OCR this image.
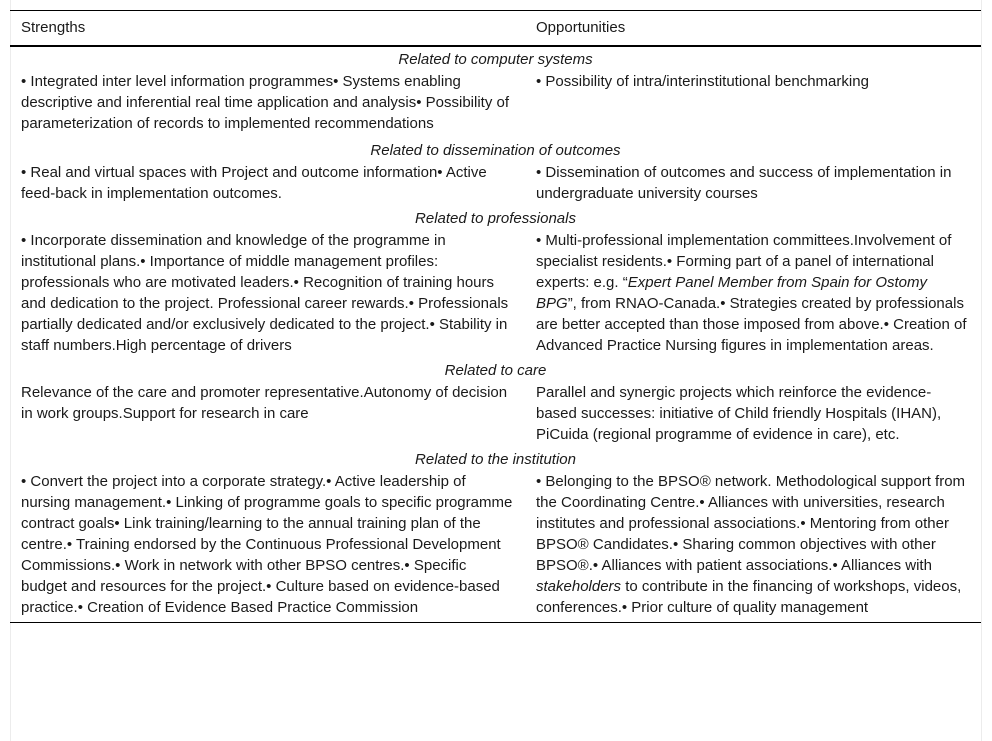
Strengths	Opportunities
Related to computer systems	
• Integrated inter level information programmes• Systems enabling descriptive and inferential real time application and analysis• Possibility of parameterization of records to implemented recommendations	• Possibility of intra/interinstitutional benchmarking
Related to dissemination of outcomes	
• Real and virtual spaces with Project and outcome information• Active feed-back in implementation outcomes.	• Dissemination of outcomes and success of implementation in undergraduate university courses
Related to professionals	
• Incorporate dissemination and knowledge of the programme in institutional plans.• Importance of middle management profiles: professionals who are motivated leaders.• Recognition of training hours and dedication to the project. Professional career rewards.• Professionals partially dedicated and/or exclusively dedicated to the project.• Stability in staff numbers.High percentage of drivers	• Multi-professional implementation committees.Involvement of specialist residents.• Forming part of a panel of international experts: e.g. “Expert Panel Member from Spain for Ostomy BPG”, from RNAO-Canada.• Strategies created by professionals are better accepted than those imposed from above.• Creation of Advanced Practice Nursing figures in implementation areas.
Related to care	
Relevance of the care and promoter representative.Autonomy of decision in work groups.Support for research in care	Parallel and synergic projects which reinforce the evidence-based successes: initiative of Child friendly Hospitals (IHAN), PiCuida (regional programme of evidence in care), etc.
Related to the institution	
• Convert the project into a corporate strategy.• Active leadership of nursing management.• Linking of programme goals to specific programme contract goals• Link training/learning to the annual training plan of the centre.• Training endorsed by the Continuous Professional Development Commissions.• Work in network with other BPSO centres.• Specific budget and resources for the project.• Culture based on evidence-based practice.• Creation of Evidence Based Practice Commission	• Belonging to the BPSO® network. Methodological support from the Coordinating Centre.• Alliances with universities, research institutes and professional associations.• Mentoring from other BPSO® Candidates.• Sharing common objectives with other BPSO®.• Alliances with patient associations.• Alliances with stakeholders to contribute in the financing of workshops, videos, conferences.• Prior culture of quality management
